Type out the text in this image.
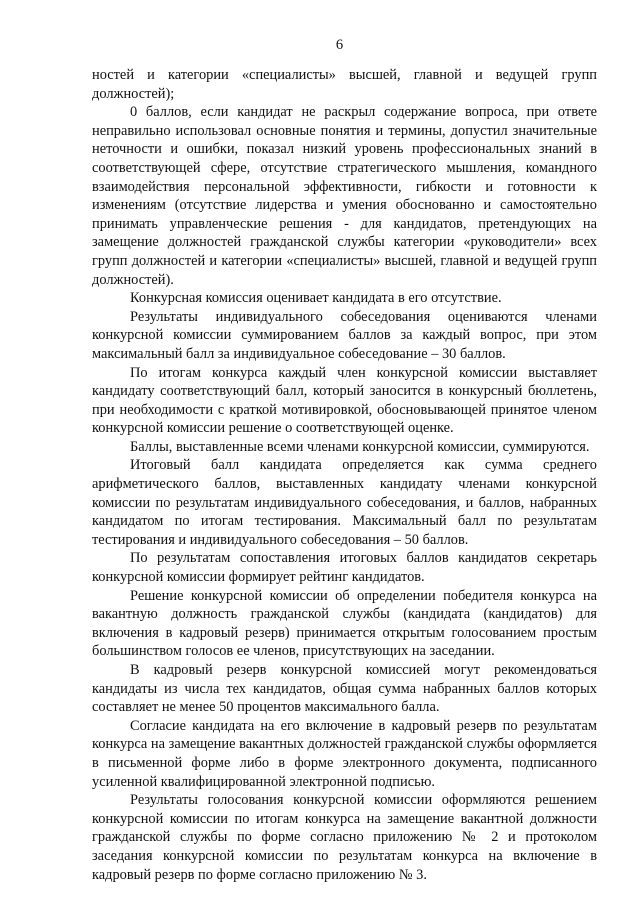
6

ностей и категории «специалисты» высшей, главной и ведущей групп должностей);

0 баллов, если кандидат не раскрыл содержание вопроса, при ответе неправильно использовал основные понятия и термины, допустил значительные неточности и ошибки, показал низкий уровень профессиональных знаний в соответствующей сфере, отсутствие стратегического мышления, командного взаимодействия персональной эффективности, гибкости и готовности к изменениям (отсутствие лидерства и умения обоснованно и самостоятельно принимать управленческие решения - для кандидатов, претендующих на замещение должностей гражданской службы категории «руководители» всех групп должностей и категории «специалисты» высшей, главной и ведущей групп должностей).

Конкурсная комиссия оценивает кандидата в его отсутствие.

Результаты индивидуального собеседования оцениваются членами конкурсной комиссии суммированием баллов за каждый вопрос, при этом максимальный балл за индивидуальное собеседование – 30 баллов.

По итогам конкурса каждый член конкурсной комиссии выставляет кандидату соответствующий балл, который заносится в конкурсный бюллетень, при необходимости с краткой мотивировкой, обосновывающей принятое членом конкурсной комиссии решение о соответствующей оценке.

Баллы, выставленные всеми членами конкурсной комиссии, суммируются.

Итоговый балл кандидата определяется как сумма среднего арифметического баллов, выставленных кандидату членами конкурсной комиссии по результатам индивидуального собеседования, и баллов, набранных кандидатом по итогам тестирования. Максимальный балл по результатам тестирования и индивидуального собеседования – 50 баллов.

По результатам сопоставления итоговых баллов кандидатов секретарь конкурсной комиссии формирует рейтинг кандидатов.

Решение конкурсной комиссии об определении победителя конкурса на вакантную должность гражданской службы (кандидата (кандидатов) для включения в кадровый резерв) принимается открытым голосованием простым большинством голосов ее членов, присутствующих на заседании.

В кадровый резерв конкурсной комиссией могут рекомендоваться кандидаты из числа тех кандидатов, общая сумма набранных баллов которых составляет не менее 50 процентов максимального балла.

Согласие кандидата на его включение в кадровый резерв по результатам конкурса на замещение вакантных должностей гражданской службы оформляется в письменной форме либо в форме электронного документа, подписанного усиленной квалифицированной электронной подписью.

Результаты голосования конкурсной комиссии оформляются решением конкурсной комиссии по итогам конкурса на замещение вакантной должности гражданской службы по форме согласно приложению № 2 и протоколом заседания конкурсной комиссии по результатам конкурса на включение в кадровый резерв по форме согласно приложению № 3.
